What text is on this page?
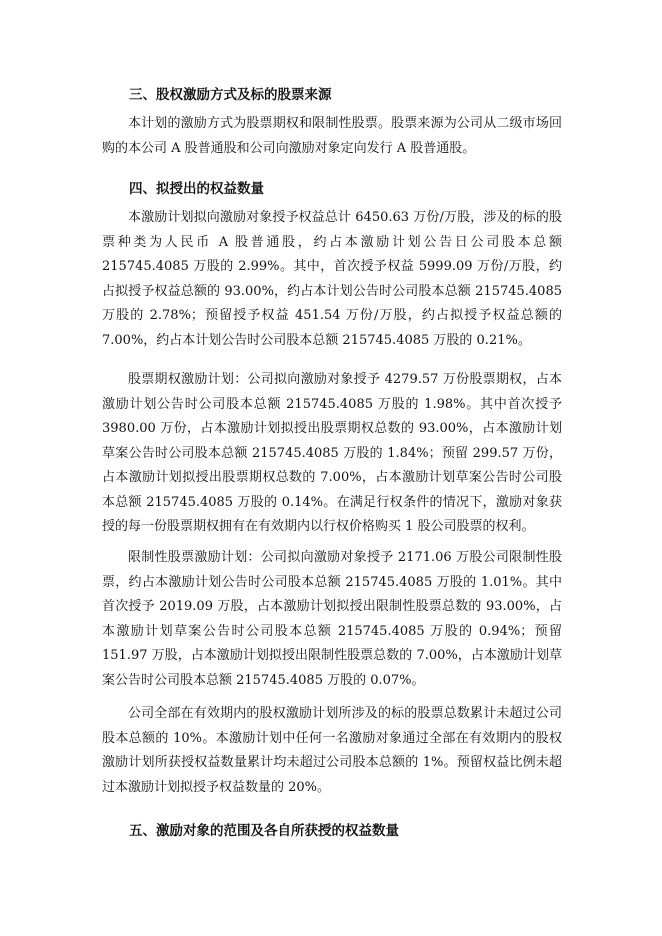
三、股权激励方式及标的股票来源

本计划的激励方式为股票期权和限制性股票。股票来源为公司从二级市场回购的本公司 A 股普通股和公司向激励对象定向发行 A 股普通股。

四、拟授出的权益数量

本激励计划拟向激励对象授予权益总计 6450.63 万份/万股，涉及的标的股票种类为人民币 A 股普通股，约占本激励计划公告日公司股本总额 215745.4085 万股的 2.99%。其中，首次授予权益 5999.09 万份/万股，约占拟授予权益总额的 93.00%，约占本计划公告时公司股本总额 215745.4085 万股的 2.78%；预留授予权益 451.54 万份/万股，约占拟授予权益总额的 7.00%，约占本计划公告时公司股本总额 215745.4085 万股的 0.21%。

股票期权激励计划：公司拟向激励对象授予 4279.57 万份股票期权，占本激励计划公告时公司股本总额 215745.4085 万股的 1.98%。其中首次授予 3980.00 万份，占本激励计划拟授出股票期权总数的 93.00%，占本激励计划草案公告时公司股本总额 215745.4085 万股的 1.84%；预留 299.57 万份，占本激励计划拟授出股票期权总数的 7.00%，占本激励计划草案公告时公司股本总额 215745.4085 万股的 0.14%。在满足行权条件的情况下，激励对象获授的每一份股票期权拥有在有效期内以行权价格购买 1 股公司股票的权利。

限制性股票激励计划：公司拟向激励对象授予 2171.06 万股公司限制性股票，约占本激励计划公告时公司股本总额 215745.4085 万股的 1.01%。其中首次授予 2019.09 万股，占本激励计划拟授出限制性股票总数的 93.00%，占本激励计划草案公告时公司股本总额 215745.4085 万股的 0.94%；预留 151.97 万股，占本激励计划拟授出限制性股票总数的 7.00%，占本激励计划草案公告时公司股本总额 215745.4085 万股的 0.07%。

公司全部在有效期内的股权激励计划所涉及的标的股票总数累计未超过公司股本总额的 10%。本激励计划中任何一名激励对象通过全部在有效期内的股权激励计划所获授权益数量累计均未超过公司股本总额的 1%。预留权益比例未超过本激励计划拟授予权益数量的 20%。

五、激励对象的范围及各自所获授的权益数量
